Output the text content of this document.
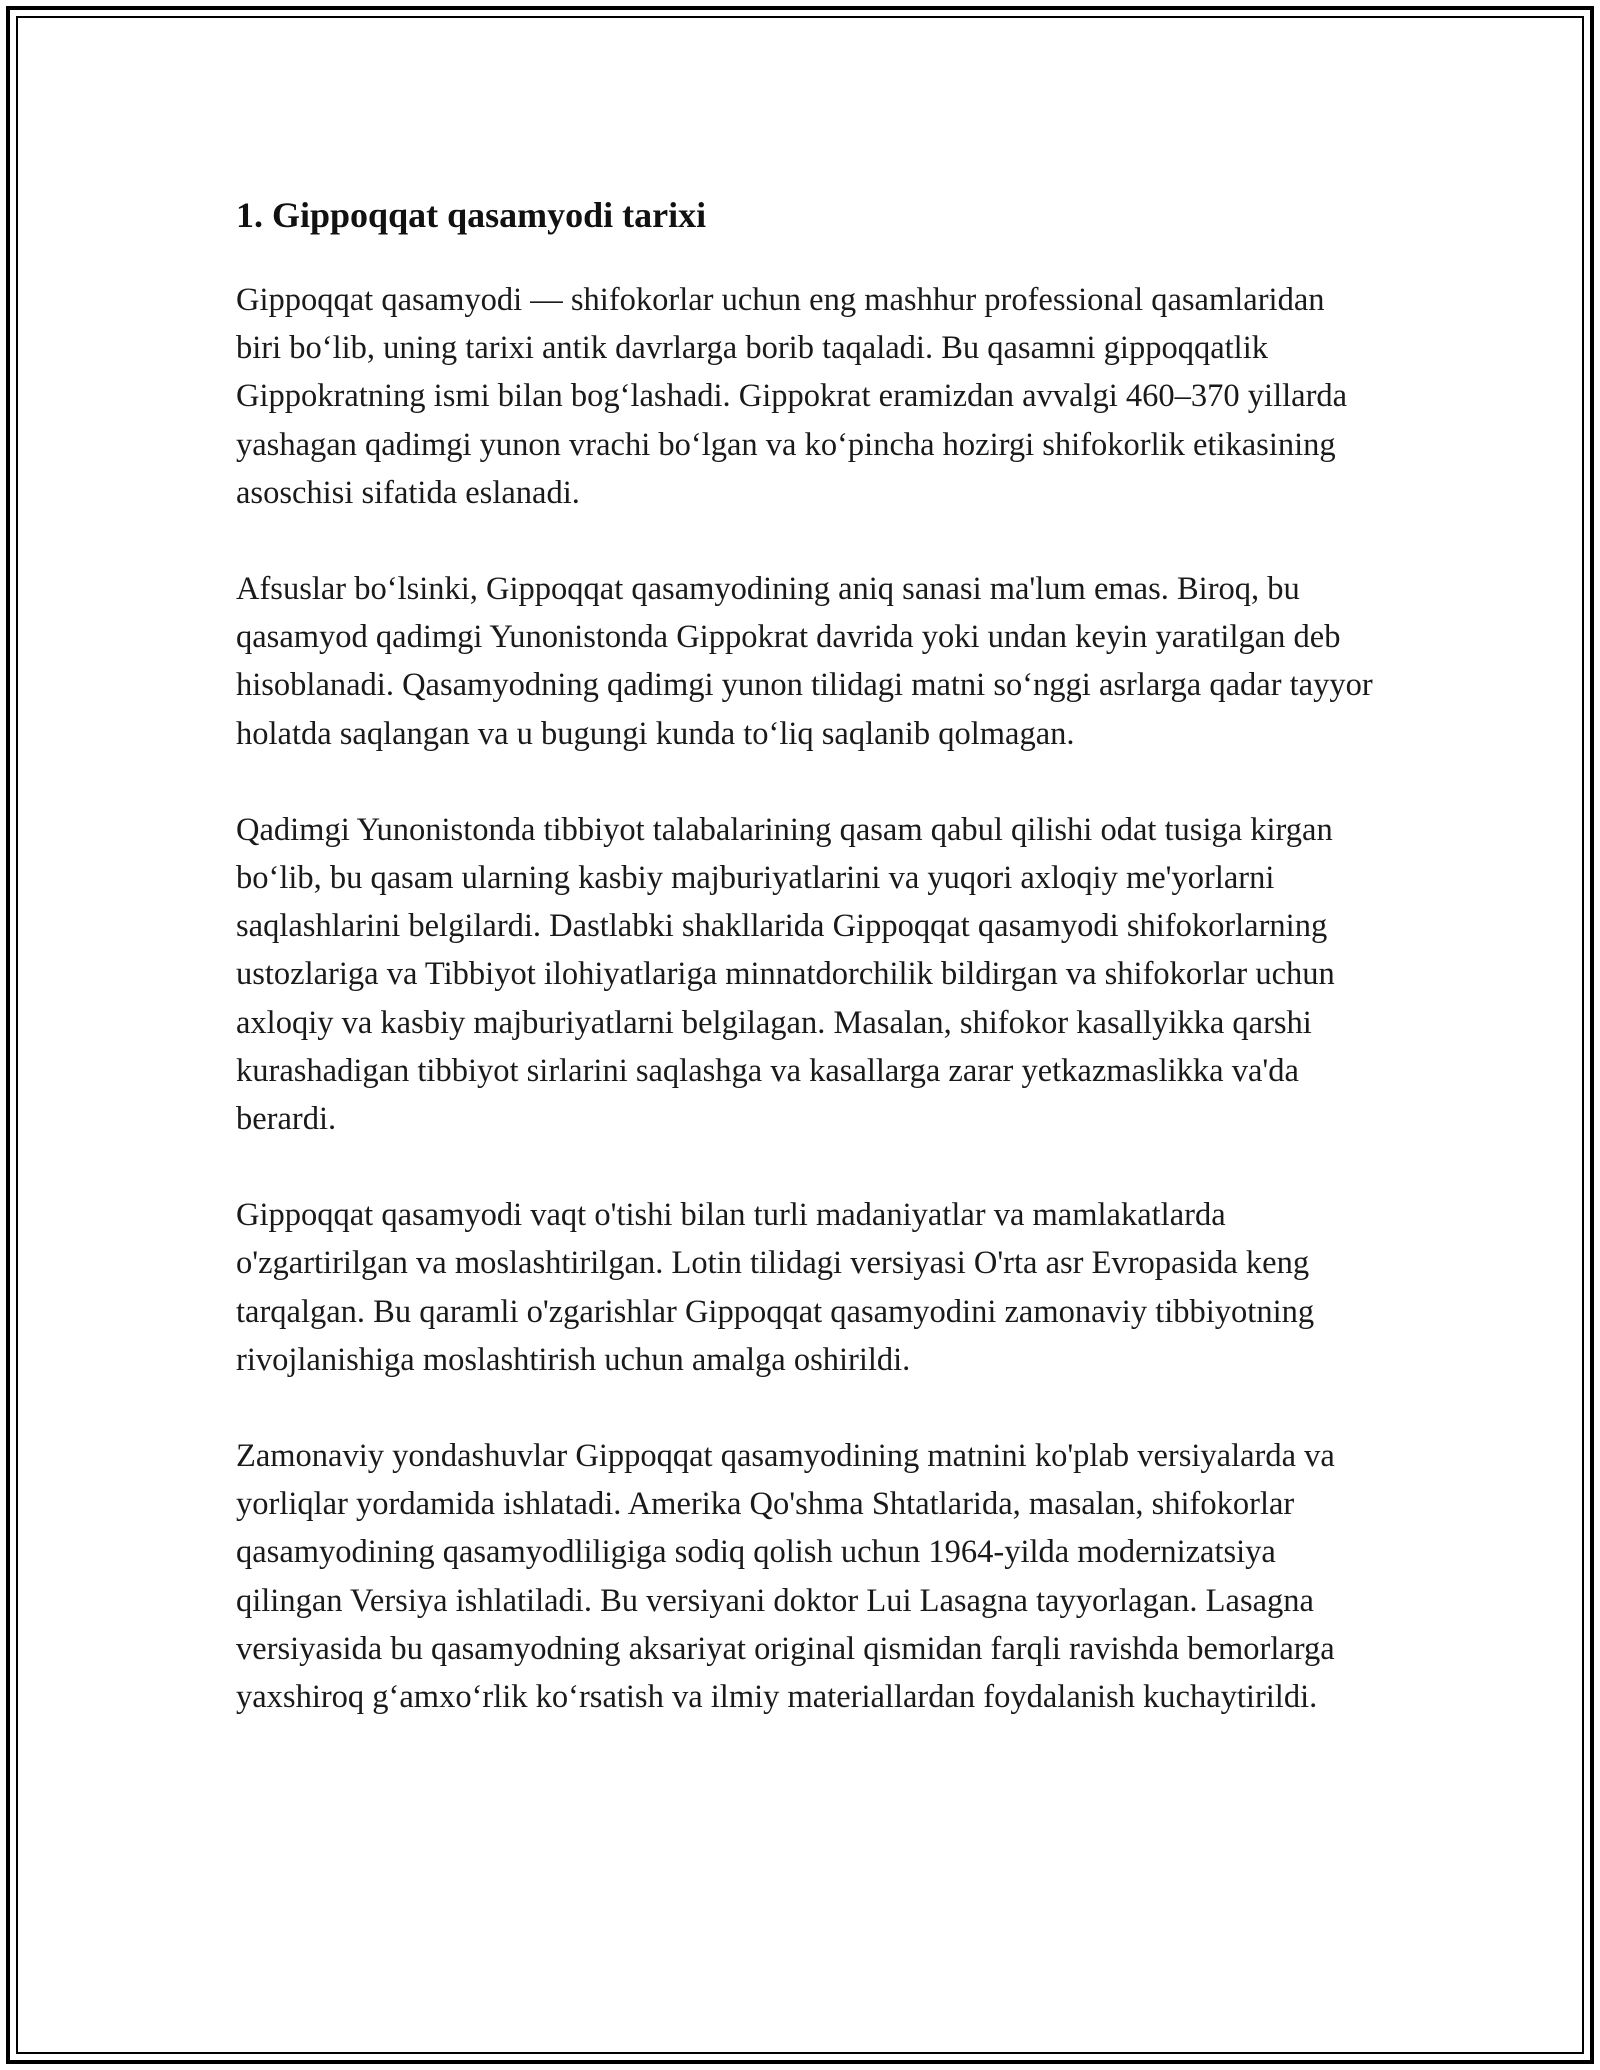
1. Gippoqqat qasamyodi tarixi

Gippoqqat qasamyodi — shifokorlar uchun eng mashhur professional qasamlaridan biri bo‘lib, uning tarixi antik davrlarga borib taqaladi. Bu qasamni gippoqqatlik Gippokratning ismi bilan bog‘lashadi. Gippokrat eramizdan avvalgi 460–370 yillarda yashagan qadimgi yunon vrachi bo‘lgan va ko‘pincha hozirgi shifokorlik etikasining asoschisi sifatida eslanadi.

Afsuslar bo‘lsinki, Gippoqqat qasamyodining aniq sanasi ma'lum emas. Biroq, bu qasamyod qadimgi Yunonistonda Gippokrat davrida yoki undan keyin yaratilgan deb hisoblanadi. Qasamyodning qadimgi yunon tilidagi matni so‘nggi asrlarga qadar tayyor holatda saqlangan va u bugungi kunda to‘liq saqlanib qolmagan.

Qadimgi Yunonistonda tibbiyot talabalarining qasam qabul qilishi odat tusiga kirgan bo‘lib, bu qasam ularning kasbiy majburiyatlarini va yuqori axloqiy me'yorlarni saqlashlarini belgilardi. Dastlabki shakllarida Gippoqqat qasamyodi shifokorlarning ustozlariga va Tibbiyot ilohiyatlariga minnatdorchilik bildirgan va shifokorlar uchun axloqiy va kasbiy majburiyatlarni belgilagan. Masalan, shifokor kasallyikka qarshi kurashadigan tibbiyot sirlarini saqlashga va kasallarga zarar yetkazmaslikka va'da berardi.

Gippoqqat qasamyodi vaqt o'tishi bilan turli madaniyatlar va mamlakatlarda o'zgartirilgan va moslashtirilgan. Lotin tilidagi versiyasi O'rta asr Evropasida keng tarqalgan. Bu qaramli o'zgarishlar Gippoqqat qasamyodini zamonaviy tibbiyotning rivojlanishiga moslashtirish uchun amalga oshirildi.

Zamonaviy yondashuvlar Gippoqqat qasamyodining matnini ko'plab versiyalarda va yorliqlar yordamida ishlatadi. Amerika Qo'shma Shtatlarida, masalan, shifokorlar qasamyodining qasamyodliligiga sodiq qolish uchun 1964-yilda modernizatsiya qilingan Versiya ishlatiladi. Bu versiyani doktor Lui Lasagna tayyorlagan. Lasagna versiyasida bu qasamyodning aksariyat original qismidan farqli ravishda bemorlarga yaxshiroq g‘amxo‘rlik ko‘rsatish va ilmiy materiallardan foydalanish kuchaytirildi.
